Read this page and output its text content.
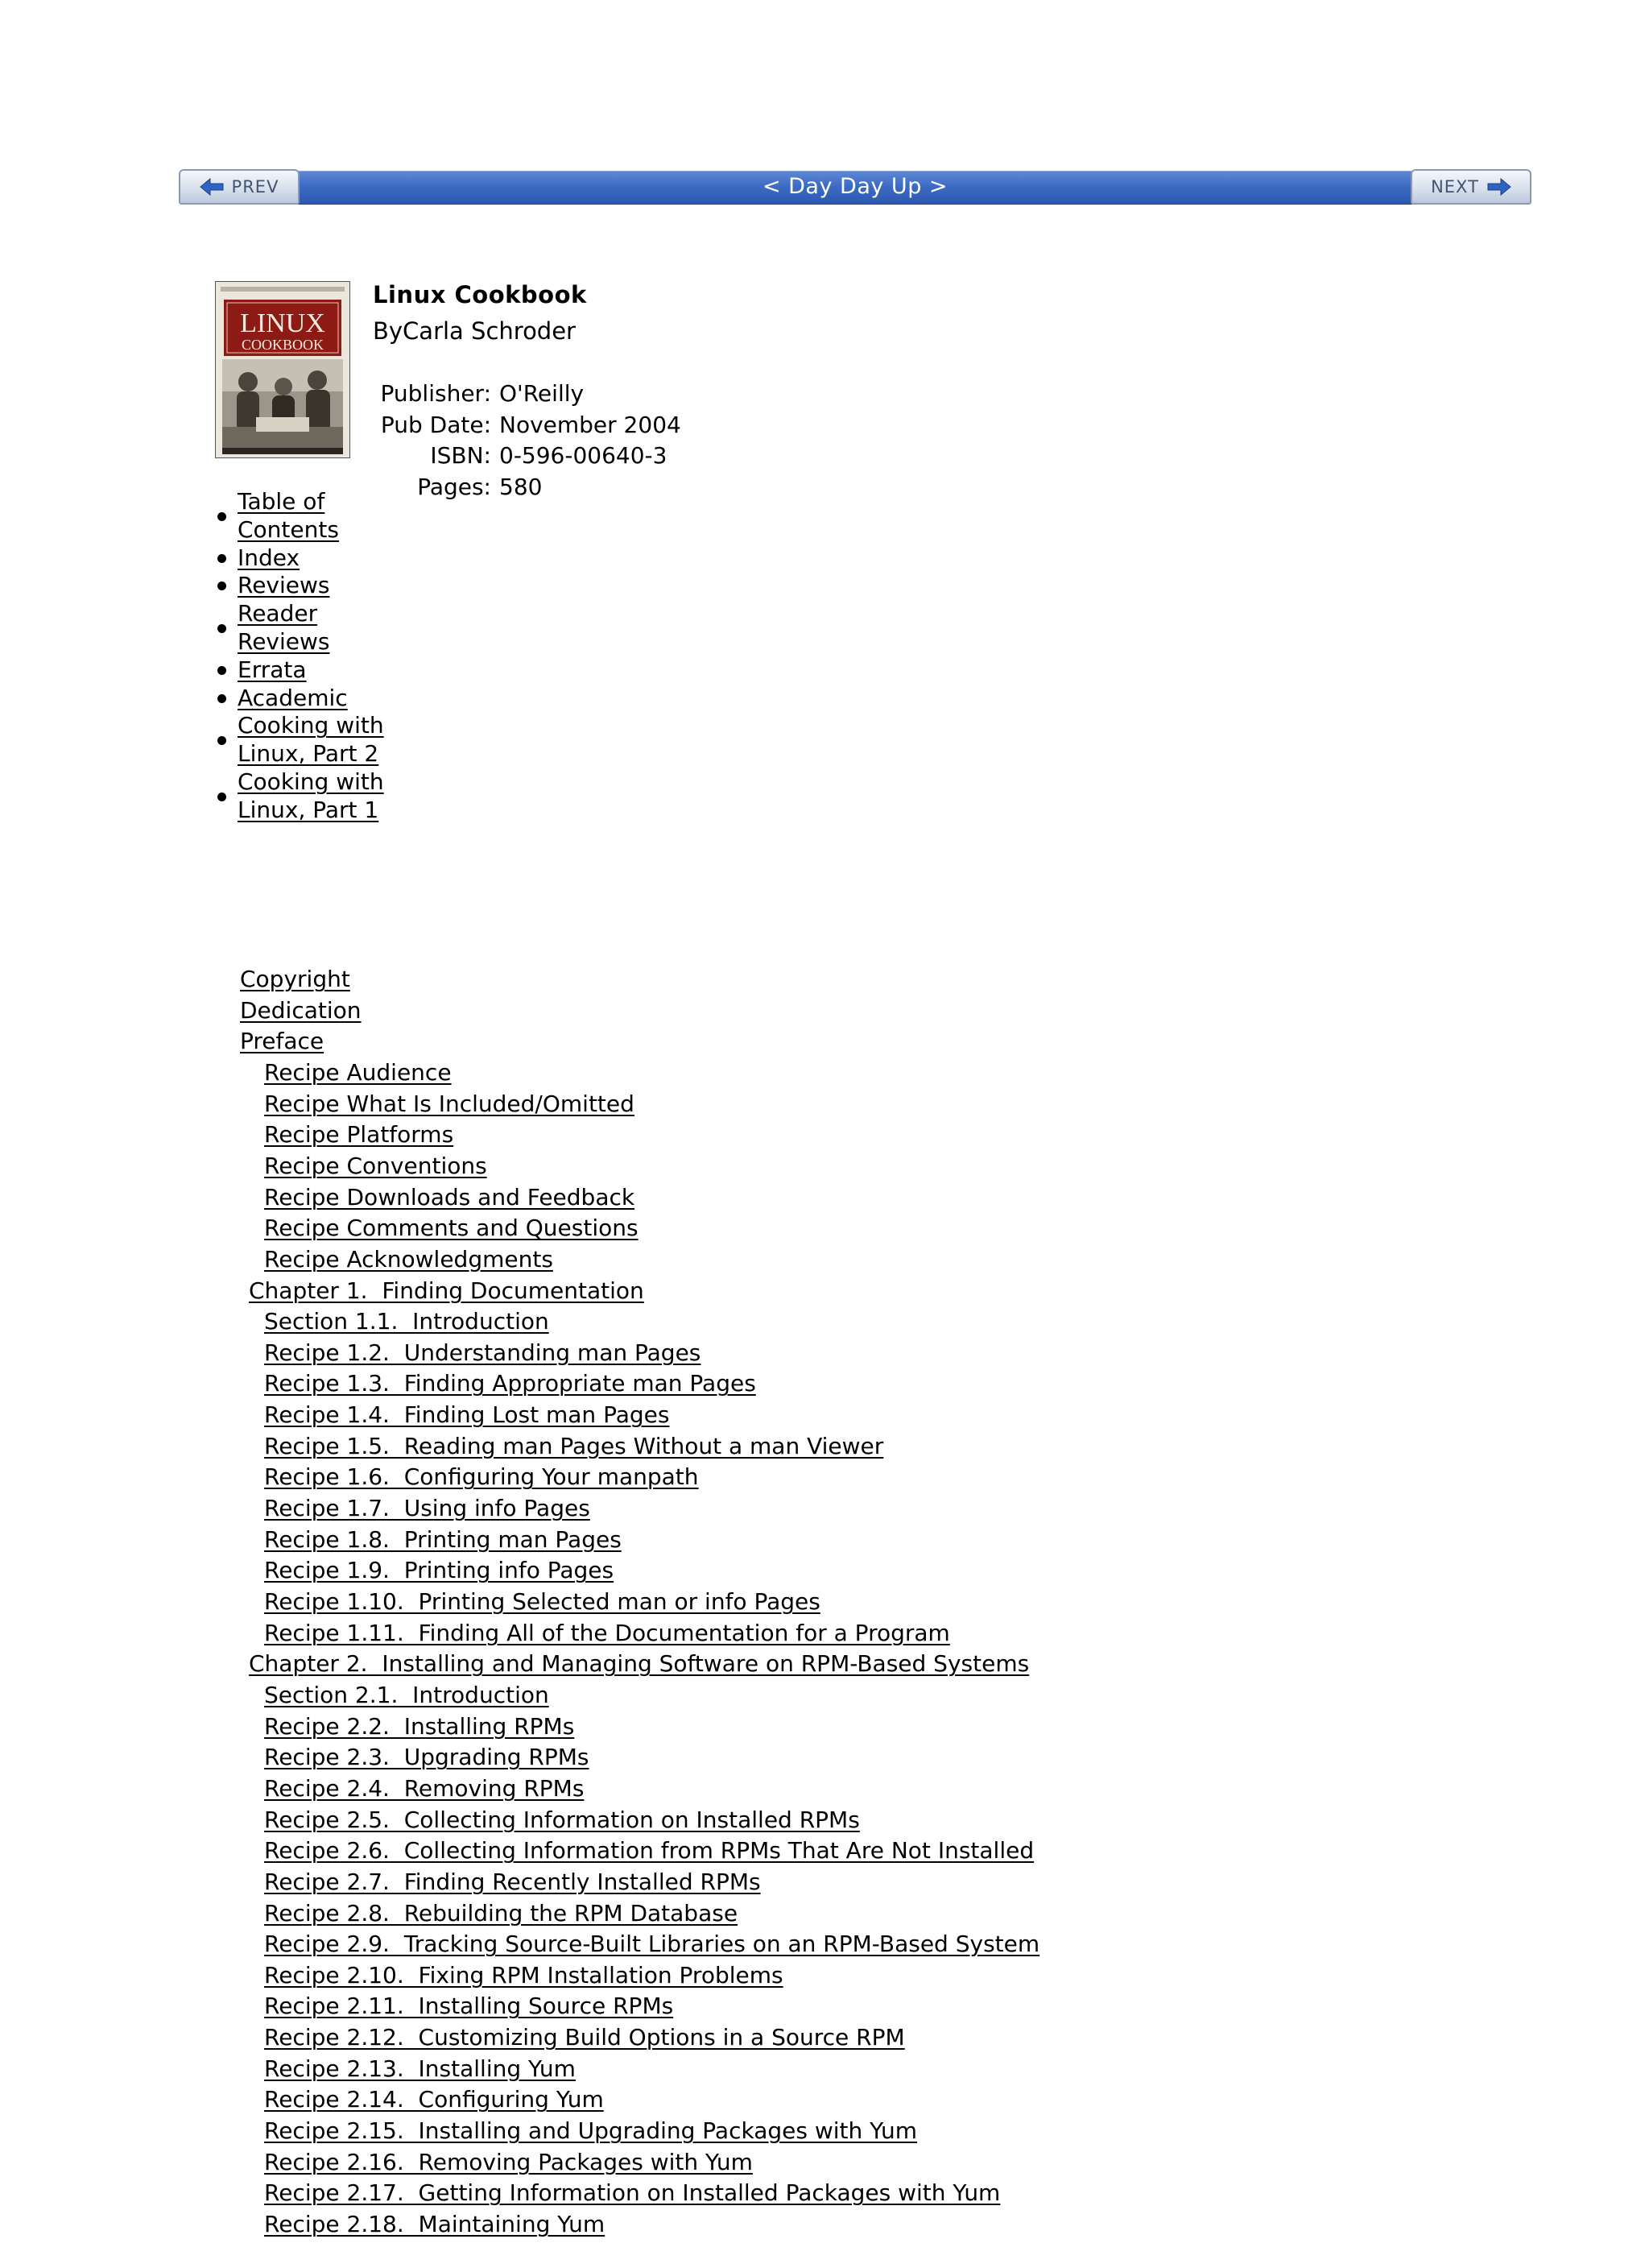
< Day Day Up >
PREV	NEXT
LINUX
COOKBOOK
Linux Cookbook
ByCarla Schroder
Publisher: O'Reilly
Pub Date: November 2004
ISBN: 0-596-00640-3
Pages: 580
Table of Contents
Index
Reviews
Reader Reviews
Errata
Academic
Cooking with Linux, Part 2
Cooking with Linux, Part 1
Copyright
Dedication
Preface
Recipe Audience
Recipe What Is Included/Omitted
Recipe Platforms
Recipe Conventions
Recipe Downloads and Feedback
Recipe Comments and Questions
Recipe Acknowledgments
Chapter 1.  Finding Documentation
Section 1.1.  Introduction
Recipe 1.2.  Understanding man Pages
Recipe 1.3.  Finding Appropriate man Pages
Recipe 1.4.  Finding Lost man Pages
Recipe 1.5.  Reading man Pages Without a man Viewer
Recipe 1.6.  Configuring Your manpath
Recipe 1.7.  Using info Pages
Recipe 1.8.  Printing man Pages
Recipe 1.9.  Printing info Pages
Recipe 1.10.  Printing Selected man or info Pages
Recipe 1.11.  Finding All of the Documentation for a Program
Chapter 2.  Installing and Managing Software on RPM-Based Systems
Section 2.1.  Introduction
Recipe 2.2.  Installing RPMs
Recipe 2.3.  Upgrading RPMs
Recipe 2.4.  Removing RPMs
Recipe 2.5.  Collecting Information on Installed RPMs
Recipe 2.6.  Collecting Information from RPMs That Are Not Installed
Recipe 2.7.  Finding Recently Installed RPMs
Recipe 2.8.  Rebuilding the RPM Database
Recipe 2.9.  Tracking Source-Built Libraries on an RPM-Based System
Recipe 2.10.  Fixing RPM Installation Problems
Recipe 2.11.  Installing Source RPMs
Recipe 2.12.  Customizing Build Options in a Source RPM
Recipe 2.13.  Installing Yum
Recipe 2.14.  Configuring Yum
Recipe 2.15.  Installing and Upgrading Packages with Yum
Recipe 2.16.  Removing Packages with Yum
Recipe 2.17.  Getting Information on Installed Packages with Yum
Recipe 2.18.  Maintaining Yum
